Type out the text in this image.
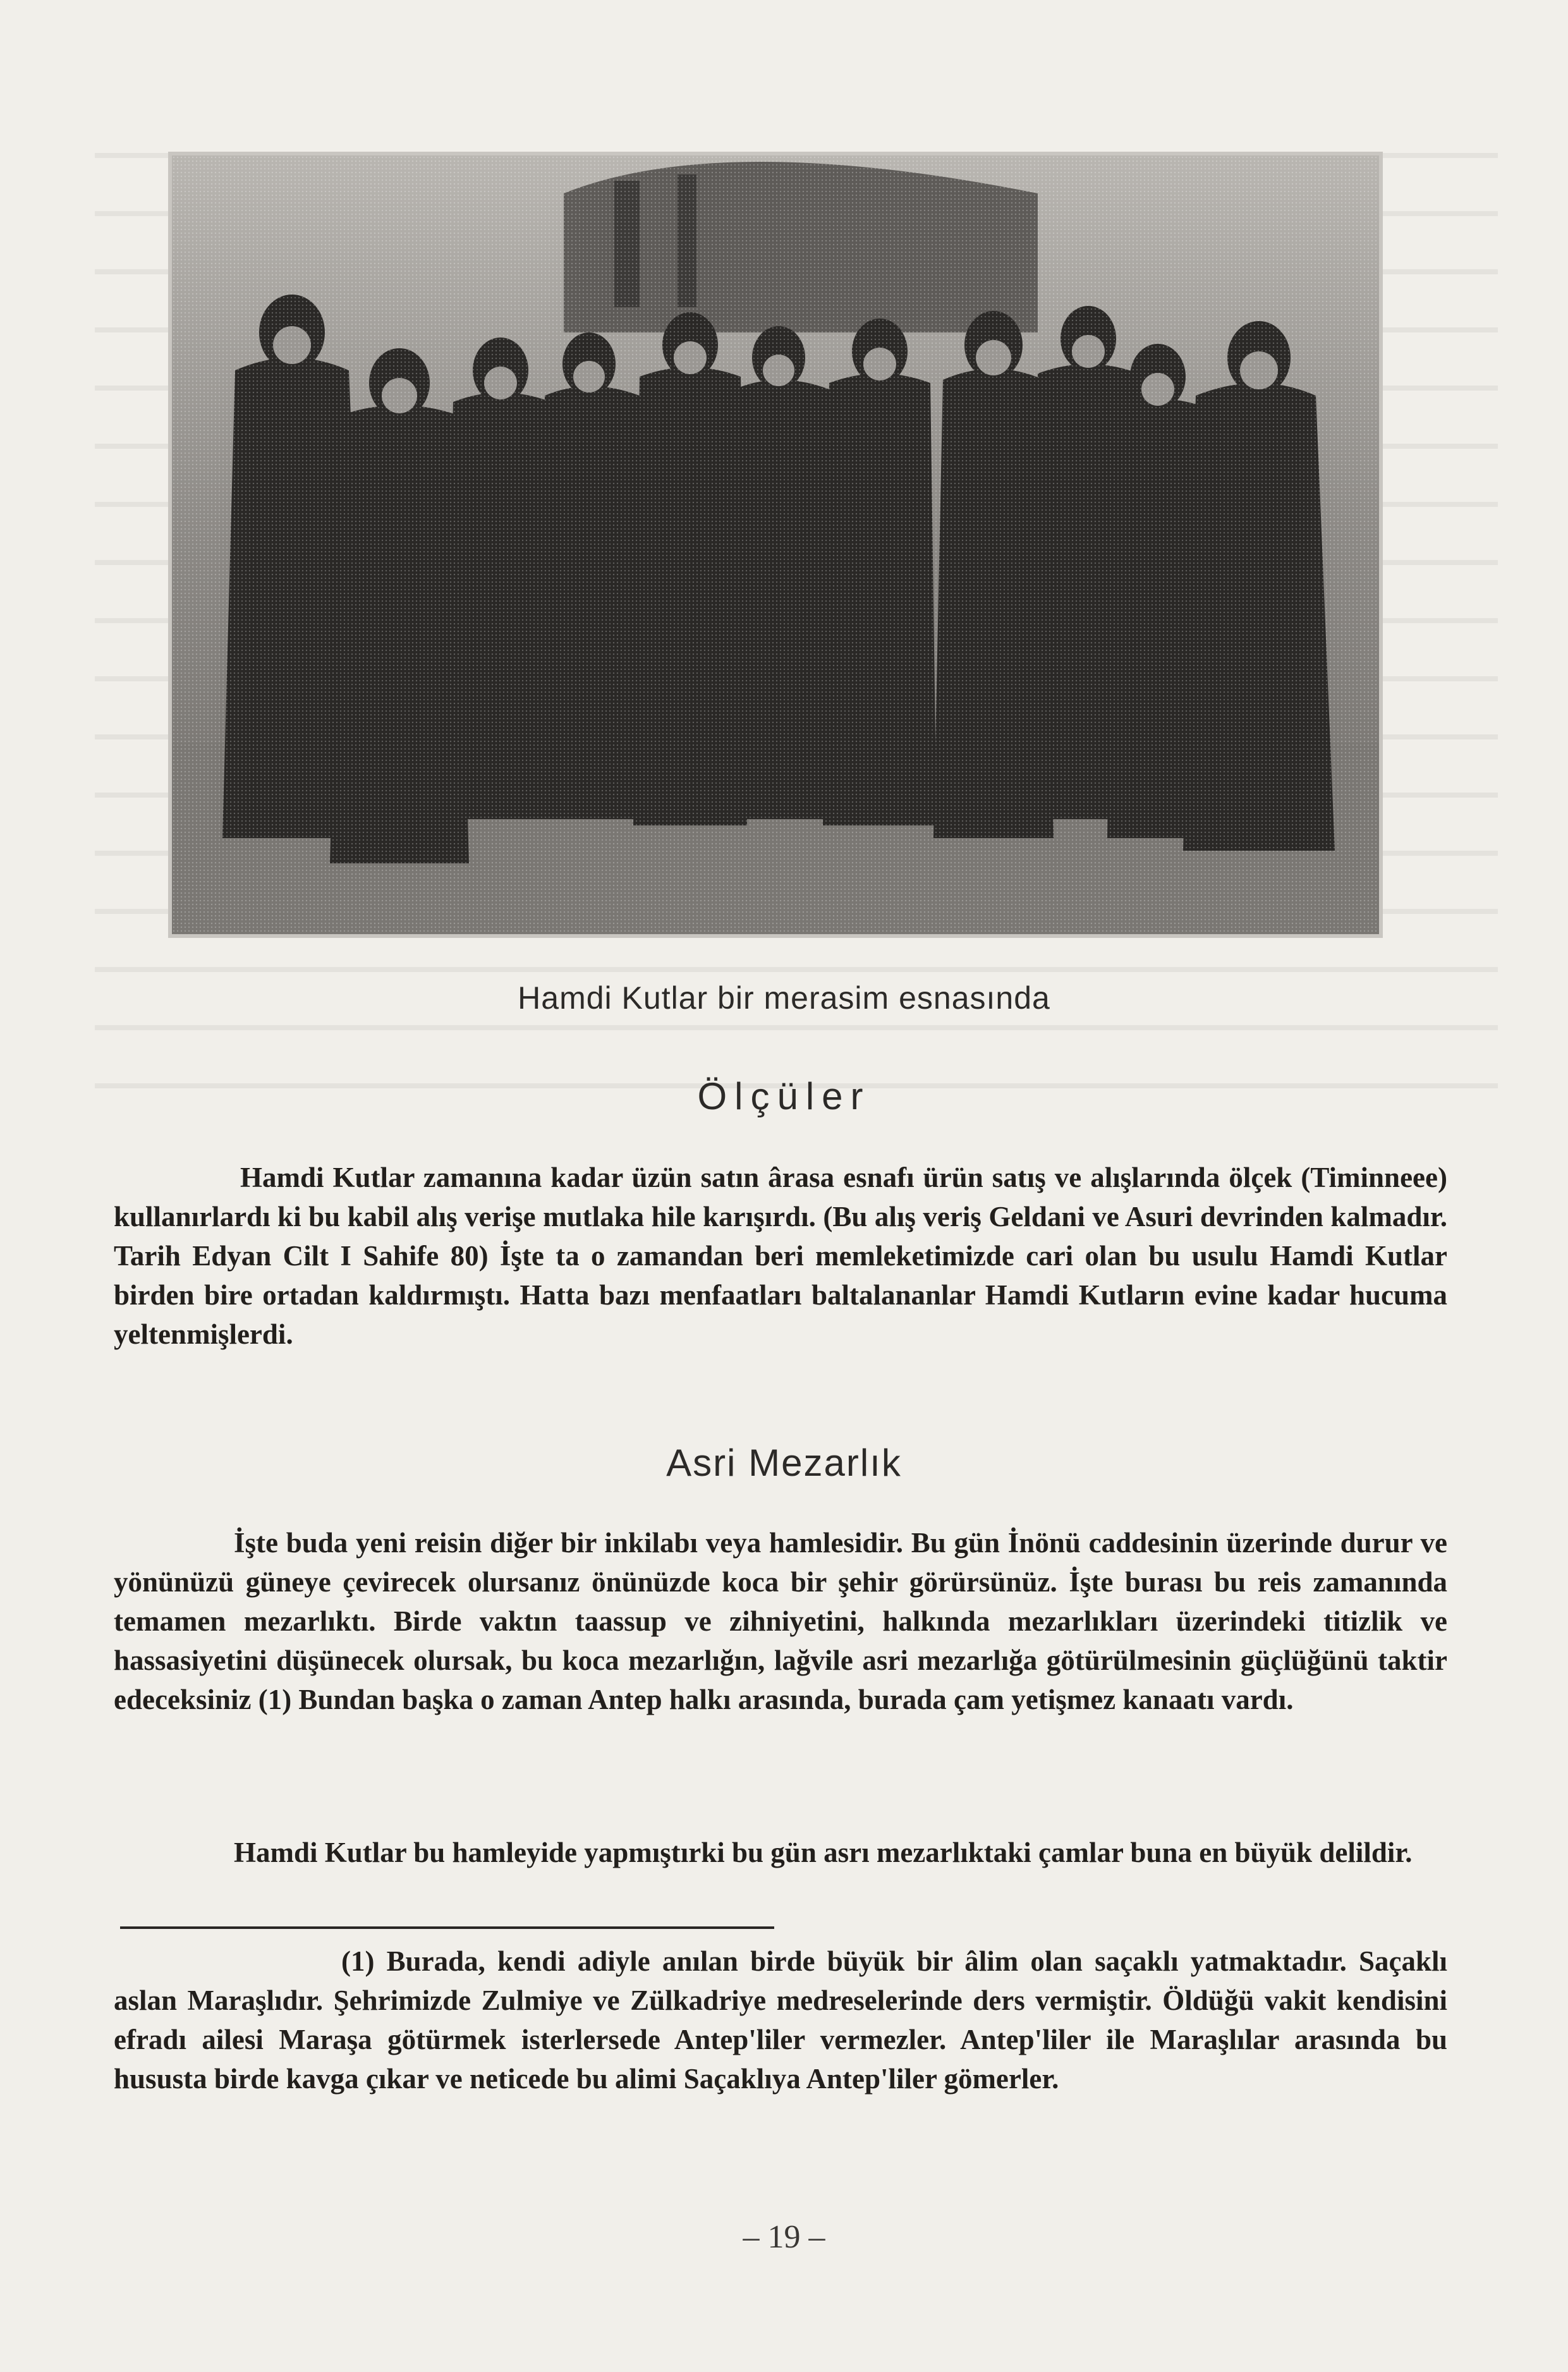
Hamdi Kutlar bir merasim esnasında
Ölçüler

Hamdi Kutlar zamanına kadar üzün satın ârasa esnafı ürün satış ve alışlarında ölçek (Timinneee) kullanırlardı ki bu kabil alış verişe mutlaka hile karışırdı. (Bu alış veriş Geldani ve Asuri devrinden kalmadır. Tarih Edyan Cilt I Sahife 80) İşte ta o zamandan beri memleketimizde cari olan bu usulu Hamdi Kutlar birden bire ortadan kaldırmıştı. Hatta bazı menfaatları baltalananlar Hamdi Kutların evine kadar hucuma yeltenmişlerdi.

Asri Mezarlık

İşte buda yeni reisin diğer bir inkilabı veya hamlesidir. Bu gün İnönü caddesinin üzerinde durur ve yönünüzü güneye çevirecek olursanız önünüzde koca bir şehir görürsünüz. İşte burası bu reis zamanında temamen mezarlıktı. Birde vaktın taassup ve zihniyetini, halkında mezarlıkları üzerindeki titizlik ve hassasiyetini düşünecek olursak, bu koca mezarlığın, lağvile asri mezarlığa götürülmesinin güçlüğünü taktir edeceksiniz (1) Bundan başka o zaman Antep halkı arasında, burada çam yetişmez kanaatı vardı.

Hamdi Kutlar bu hamleyide yapmıştırki bu gün asrı mezarlıktaki çamlar buna en büyük delildir.

(1) Burada, kendi adiyle anılan birde büyük bir âlim olan saçaklı yatmaktadır. Saçaklı aslan Maraşlıdır. Şehrimizde Zulmiye ve Zülkadriye medreselerinde ders vermiştir. Öldüğü vakit kendisini efradı ailesi Maraşa götürmek isterlersede Antep'liler vermezler. Antep'liler ile Maraşlılar arasında bu hususta birde kavga çıkar ve neticede bu alimi Saçaklıya Antep'liler gömerler.

– 19 –
